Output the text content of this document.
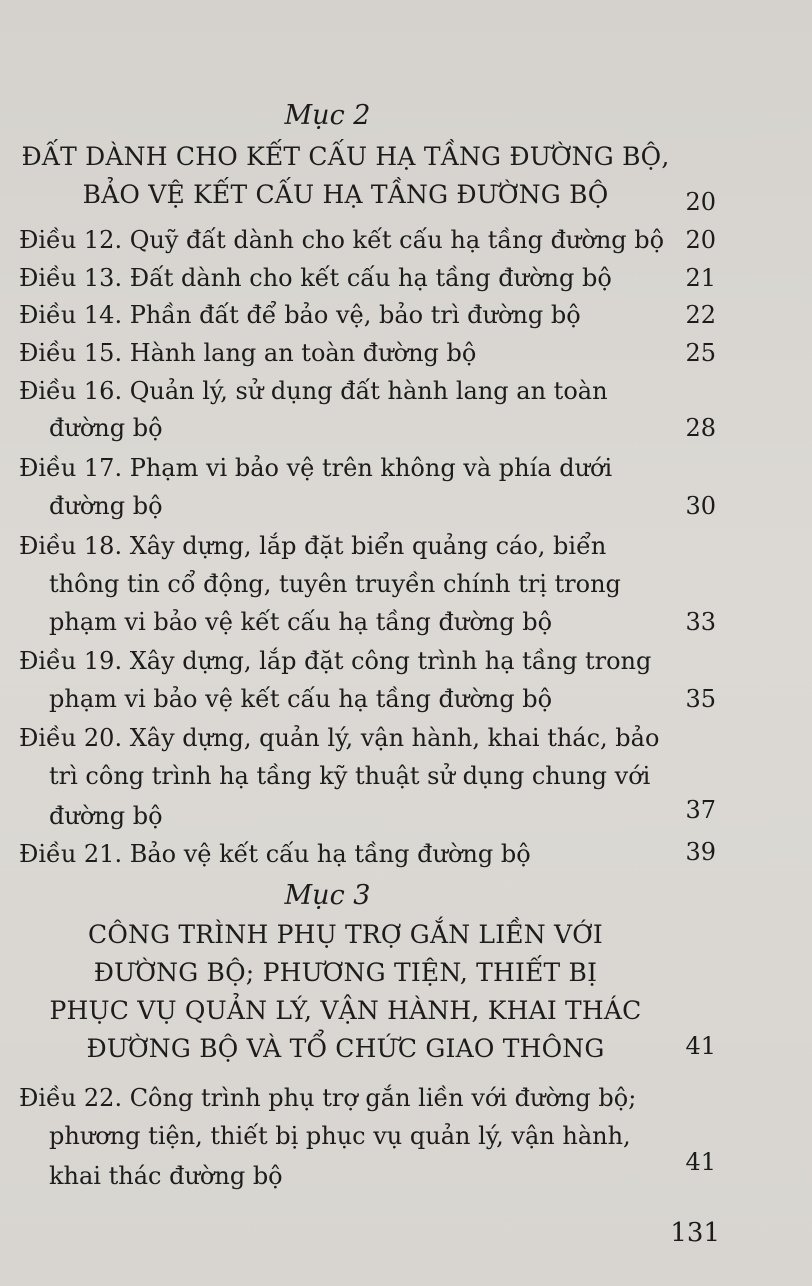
Mục 2
ĐẤT DÀNH CHO KẾT CẤU HẠ TẦNG ĐƯỜNG BỘ,
BẢO VỆ KẾT CẤU HẠ TẦNG ĐƯỜNG BỘ	20
Điều 12. Quỹ đất dành cho kết cấu hạ tầng đường bộ 20
Điều 13. Đất dành cho kết cấu hạ tầng đường bộ	21
Điều 14. Phần đất để bảo vệ, bảo trì đường bộ	22
Điều 15. Hành lang an toàn đường bộ	25
Điều 16. Quản lý, sử dụng đất hành lang an toàn
đường bộ	28
Điều 17. Phạm vi bảo vệ trên không và phía dưới
đường bộ	30
Điều 18. Xây dựng, lắp đặt biển quảng cáo, biển
thông tin cổ động, tuyên truyền chính trị trong
phạm vi bảo vệ kết cấu hạ tầng đường bộ	33
Điều 19. Xây dựng, lắp đặt công trình hạ tầng trong
phạm vi bảo vệ kết cấu hạ tầng đường bộ	35
Điều 20. Xây dựng, quản lý, vận hành, khai thác, bảo
trì công trình hạ tầng kỹ thuật sử dụng chung với
đường bộ	37
Điều 21. Bảo vệ kết cấu hạ tầng đường bộ	39
Mục 3
CÔNG TRÌNH PHỤ TRỢ GẮN LIỀN VỚI
ĐƯỜNG BỘ; PHƯƠNG TIỆN, THIẾT BỊ
PHỤC VỤ QUẢN LÝ, VẬN HÀNH, KHAI THÁC
ĐƯỜNG BỘ VÀ TỔ CHỨC GIAO THÔNG	41
Điều 22. Công trình phụ trợ gắn liền với đường bộ;
phương tiện, thiết bị phục vụ quản lý, vận hành,
khai thác đường bộ	41
131
